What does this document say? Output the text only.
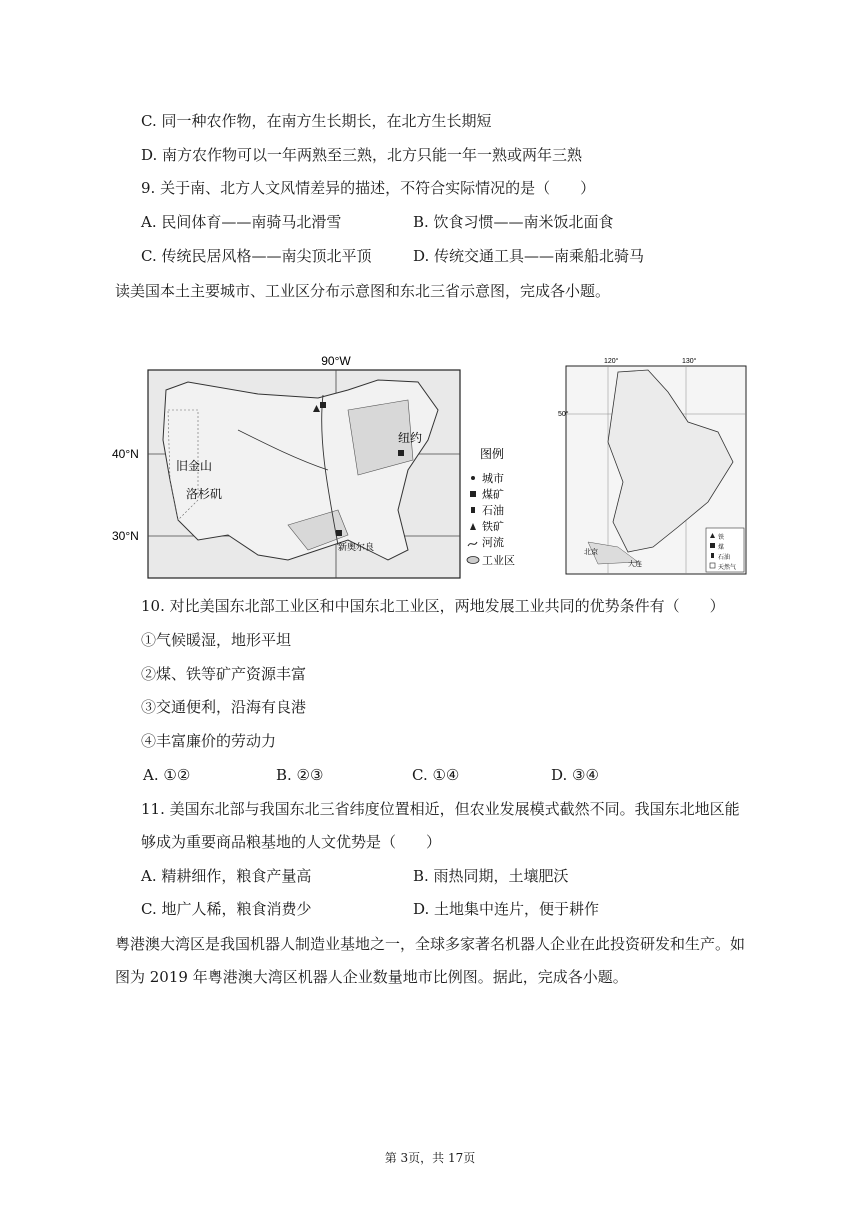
C. 同一种农作物，在南方生长期长，在北方生长期短
D. 南方农作物可以一年两熟至三熟，北方只能一年一熟或两年三熟
9. 关于南、北方人文风情差异的描述，不符合实际情况的是（　　）
A. 民间体育——南骑马北滑雪	B. 饮食习惯——南米饭北面食
C. 传统民居风格——南尖顶北平顶	D. 传统交通工具——南乘船北骑马
读美国本土主要城市、工业区分布示意图和东北三省示意图，完成各小题。
90°W
40°N
30°N
旧金山
洛杉矶
纽约
新奥尔良
图例
城市
煤矿
石油
铁矿
河流
工业区
120°	130°
50°
北京
大连
铁
煤
石油
天然气
10. 对比美国东北部工业区和中国东北工业区，两地发展工业共同的优势条件有（　　）
①气候暖湿，地形平坦
②煤、铁等矿产资源丰富
③交通便利，沿海有良港
④丰富廉价的劳动力
A. ①②	B. ②③	C. ①④	D. ③④
11. 美国东北部与我国东北三省纬度位置相近，但农业发展模式截然不同。我国东北地区能
够成为重要商品粮基地的人文优势是（　　）
A. 精耕细作，粮食产量高	B. 雨热同期，土壤肥沃
C. 地广人稀，粮食消费少	D. 土地集中连片，便于耕作
粤港澳大湾区是我国机器人制造业基地之一，全球多家著名机器人企业在此投资研发和生产。如
图为 2019 年粤港澳大湾区机器人企业数量地市比例图。据此，完成各小题。
第 3页，共 17页
